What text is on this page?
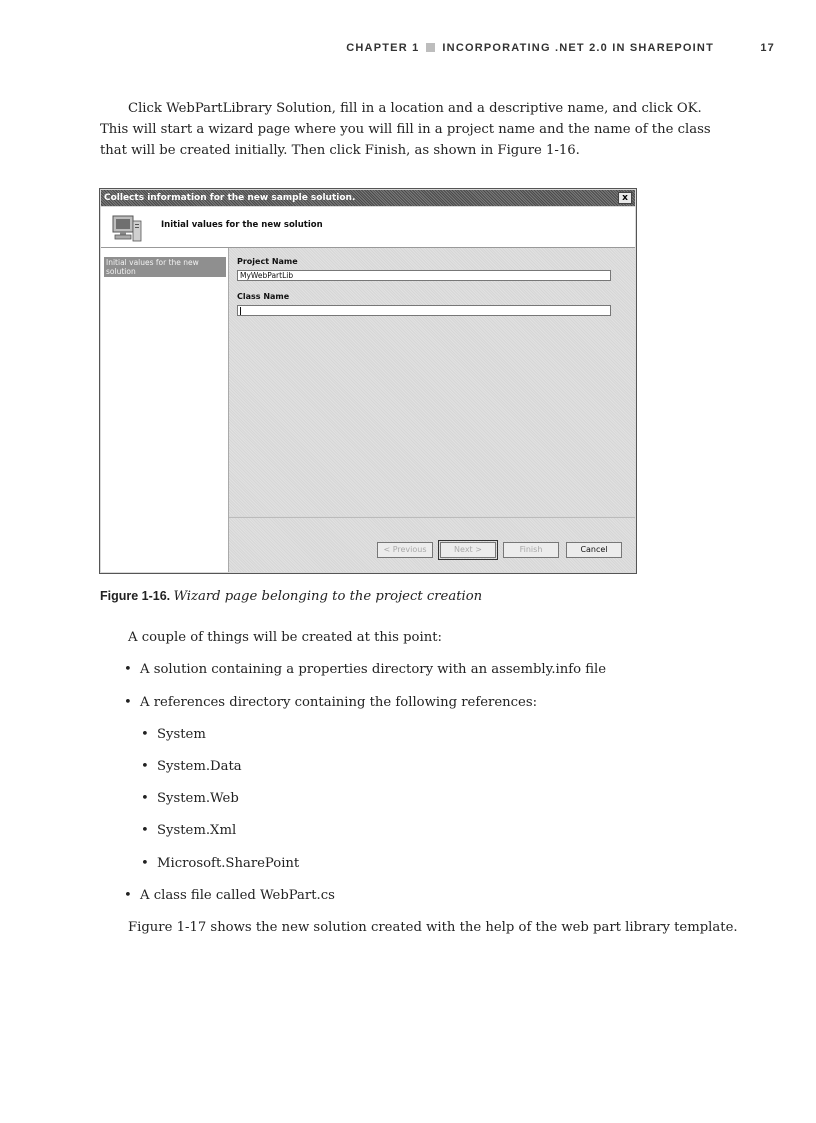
CHAPTER 1 INCORPORATING .NET 2.0 IN SHAREPOINT	17

Click WebPartLibrary Solution, fill in a location and a descriptive name, and click OK. This will start a wizard page where you will fill in a project name and the name of the class that will be created initially. Then click Finish, as shown in Figure 1-16.

Collects information for the new sample solution.	x
Initial values for the new solution
Initial values for the new solution
Project Name
MyWebPartLib
Class Name
< Previous	Next >	Finish	Cancel
Figure 1-16. Wizard page belonging to the project creation
A couple of things will be created at this point:
• A solution containing a properties directory with an assembly.info file
• A references directory containing the following references:
• System
• System.Data
• System.Web
• System.Xml
• Microsoft.SharePoint
• A class file called WebPart.cs
Figure 1-17 shows the new solution created with the help of the web part library template.
